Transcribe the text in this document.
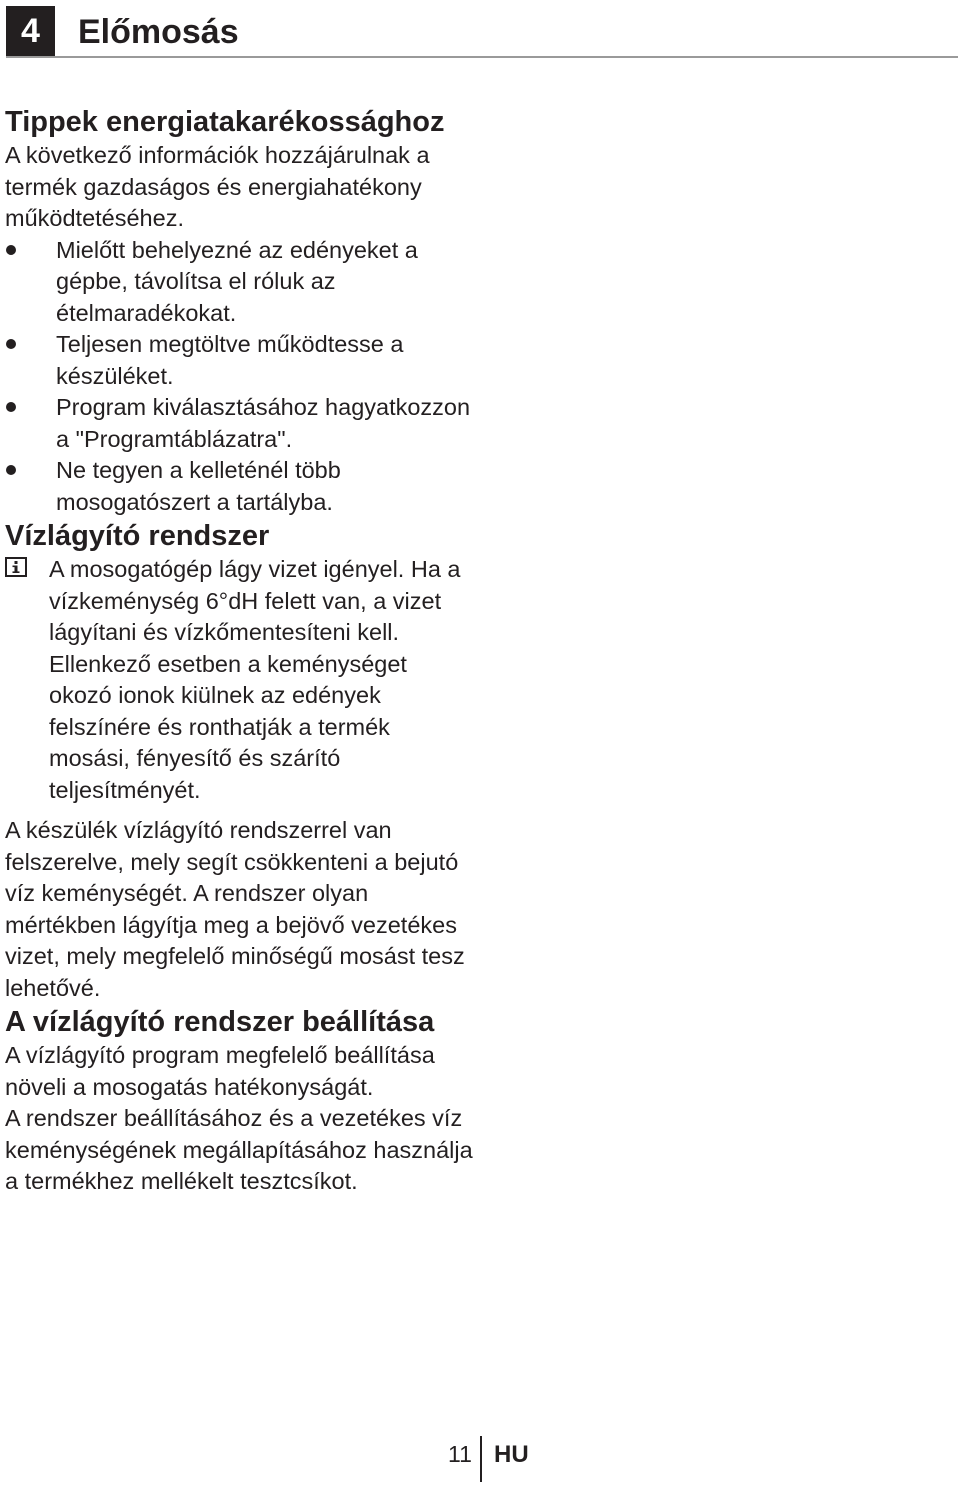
4	Előmosás
Tippek energiatakarékossághoz
A következő információk hozzájárulnak a termék gazdaságos és energiahatékony működtetéséhez.
Mielőtt behelyezné az edényeket a gépbe, távolítsa el róluk az ételmaradékokat.
Teljesen megtöltve működtesse a készüléket.
Program kiválasztásához hagyatkozzon a "Programtáblázatra".
Ne tegyen a kelleténél több mosogatószert a tartályba.
Vízlágyító rendszer
A mosogatógép lágy vizet igényel. Ha a vízkeménység 6°dH felett van, a vizet lágyítani és vízkőmentesíteni kell. Ellenkező esetben a keménységet okozó ionok kiülnek az edények felszínére és ronthatják a termék mosási, fényesítő és szárító teljesítményét.
A készülék vízlágyító rendszerrel van felszerelve, mely segít csökkenteni a bejutó víz keménységét. A rendszer olyan mértékben lágyítja meg a bejövő vezetékes vizet, mely megfelelő minőségű mosást tesz lehetővé.
A vízlágyító rendszer beállítása
A vízlágyító program megfelelő beállítása növeli a mosogatás hatékonyságát.
A rendszer beállításához és a vezetékes víz keménységének megállapításához használja a termékhez mellékelt tesztcsíkot.
11 HU
